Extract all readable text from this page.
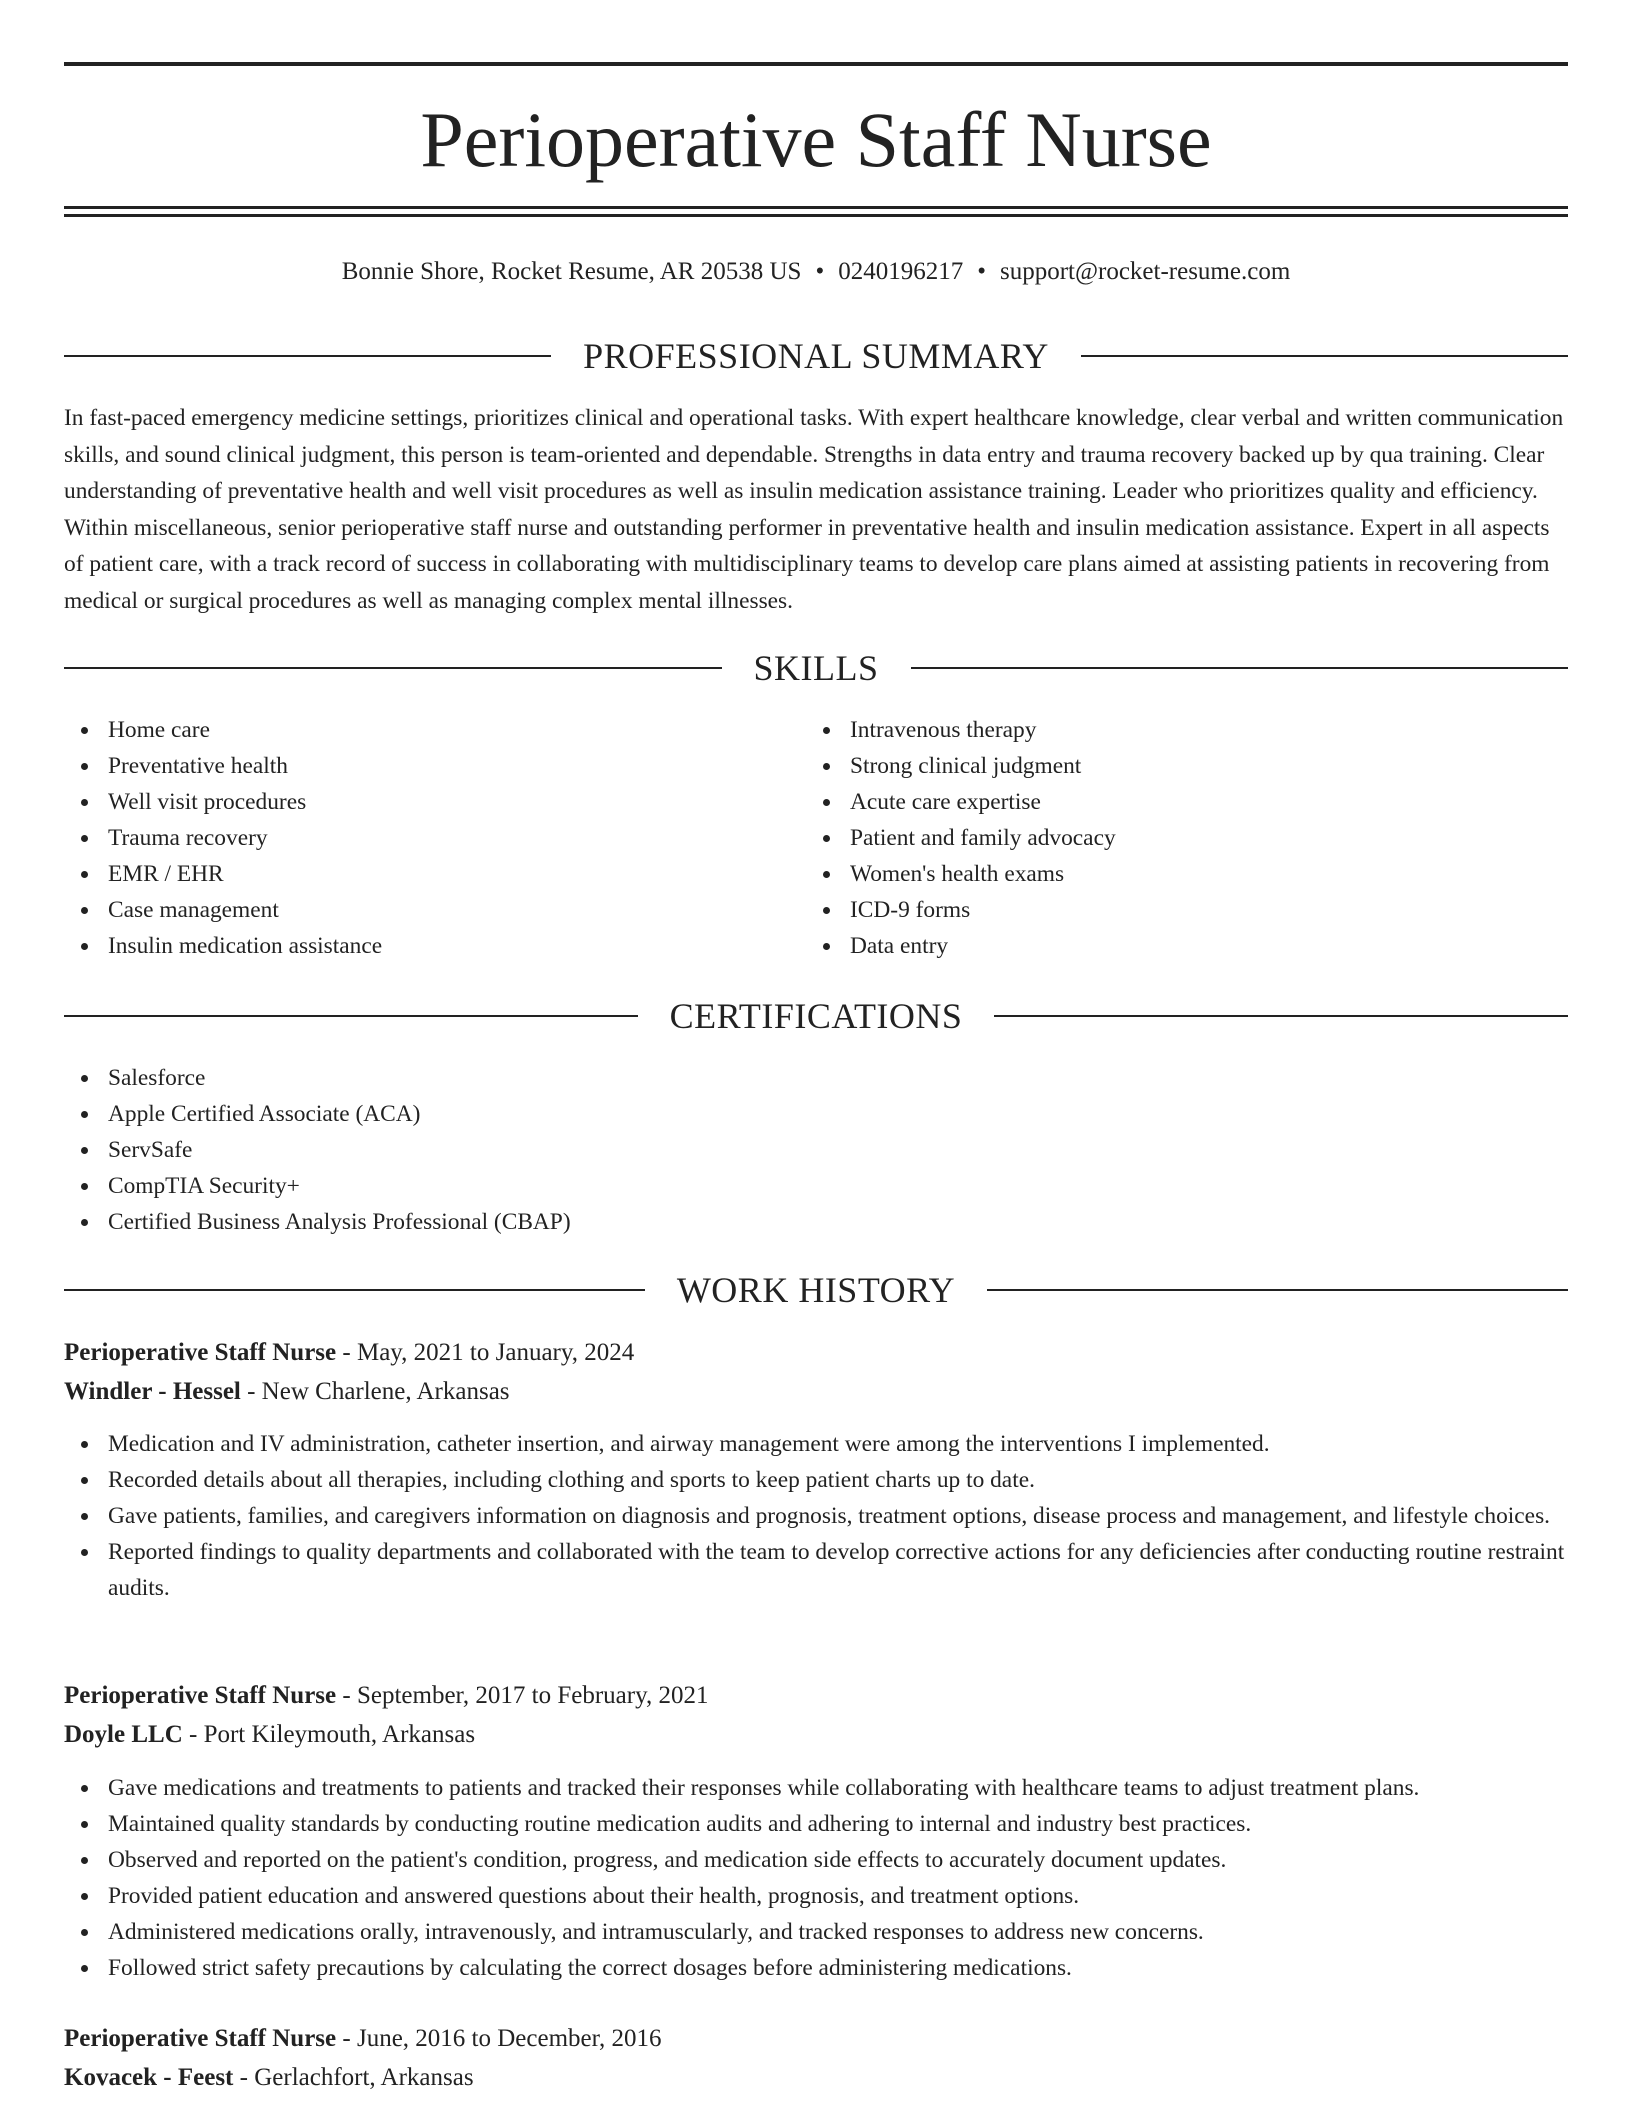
Perioperative Staff Nurse
Bonnie Shore, Rocket Resume, AR 20538 US • 0240196217 • support@rocket-resume.com
PROFESSIONAL SUMMARY
In fast-paced emergency medicine settings, prioritizes clinical and operational tasks. With expert healthcare knowledge, clear verbal and written communication skills, and sound clinical judgment, this person is team-oriented and dependable. Strengths in data entry and trauma recovery backed up by qua training. Clear understanding of preventative health and well visit procedures as well as insulin medication assistance training. Leader who prioritizes quality and efficiency. Within miscellaneous, senior perioperative staff nurse and outstanding performer in preventative health and insulin medication assistance. Expert in all aspects of patient care, with a track record of success in collaborating with multidisciplinary teams to develop care plans aimed at assisting patients in recovering from medical or surgical procedures as well as managing complex mental illnesses.
SKILLS
Home care
Preventative health
Well visit procedures
Trauma recovery
EMR / EHR
Case management
Insulin medication assistance
Intravenous therapy
Strong clinical judgment
Acute care expertise
Patient and family advocacy
Women's health exams
ICD-9 forms
Data entry
CERTIFICATIONS
Salesforce
Apple Certified Associate (ACA)
ServSafe
CompTIA Security+
Certified Business Analysis Professional (CBAP)
WORK HISTORY
Perioperative Staff Nurse - May, 2021 to January, 2024
Windler - Hessel - New Charlene, Arkansas
Medication and IV administration, catheter insertion, and airway management were among the interventions I implemented.
Recorded details about all therapies, including clothing and sports to keep patient charts up to date.
Gave patients, families, and caregivers information on diagnosis and prognosis, treatment options, disease process and management, and lifestyle choices.
Reported findings to quality departments and collaborated with the team to develop corrective actions for any deficiencies after conducting routine restraint audits.
Perioperative Staff Nurse - September, 2017 to February, 2021
Doyle LLC - Port Kileymouth, Arkansas
Gave medications and treatments to patients and tracked their responses while collaborating with healthcare teams to adjust treatment plans.
Maintained quality standards by conducting routine medication audits and adhering to internal and industry best practices.
Observed and reported on the patient's condition, progress, and medication side effects to accurately document updates.
Provided patient education and answered questions about their health, prognosis, and treatment options.
Administered medications orally, intravenously, and intramuscularly, and tracked responses to address new concerns.
Followed strict safety precautions by calculating the correct dosages before administering medications.
Perioperative Staff Nurse - June, 2016 to December, 2016
Kovacek - Feest - Gerlachfort, Arkansas
